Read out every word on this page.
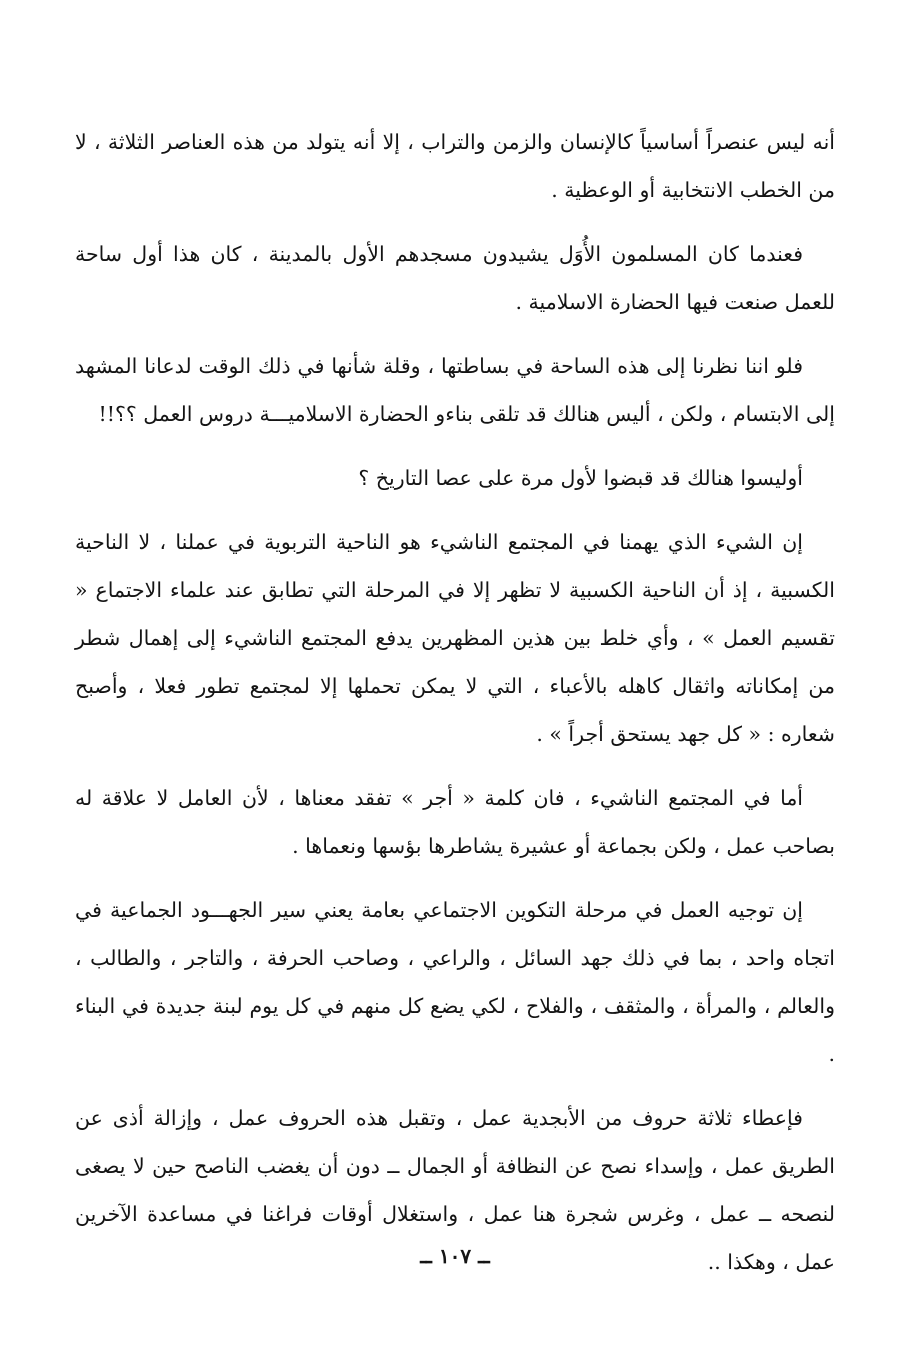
أنه ليس عنصراً أساسياً كالإنسان والزمن والتراب ، إلا أنه يتولد من هذه العناصر الثلاثة ، لا من الخطب الانتخابية أو الوعظية .

فعندما كان المسلمون الأُوَل يشيدون مسجدهم الأول بالمدينة ، كان هذا أول ساحة للعمل صنعت فيها الحضارة الاسلامية .

فلو اننا نظرنا إلى هذه الساحة في بساطتها ، وقلة شأنها في ذلك الوقت لدعانا المشهد إلى الابتسام ، ولكن ، أليس هنالك قد تلقى بناءو الحضارة الاسلاميـــة دروس العمل ؟؟!!

أوليسوا هنالك قد قبضوا لأول مرة على عصا التاريخ ؟

إن الشيء الذي يهمنا في المجتمع الناشيء هو الناحية التربوية في عملنا ، لا الناحية الكسبية ، إذ أن الناحية الكسبية لا تظهر إلا في المرحلة التي تطابق عند علماء الاجتماع « تقسيم العمل » ، وأي خلط بين هذين المظهرين يدفع المجتمع الناشيء إلى إهمال شطر من إمكاناته واثقال كاهله بالأعباء ، التي لا يمكن تحملها إلا لمجتمع تطور فعلا ، وأصبح شعاره : « كل جهد يستحق أجراً » .

أما في المجتمع الناشيء ، فان كلمة « أجر » تفقد معناها ، لأن العامل لا علاقة له بصاحب عمل ، ولكن بجماعة أو عشيرة يشاطرها بؤسها ونعماها .

إن توجيه العمل في مرحلة التكوين الاجتماعي بعامة يعني سير الجهـــود الجماعية في اتجاه واحد ، بما في ذلك جهد السائل ، والراعي ، وصاحب الحرفة ، والتاجر ، والطالب ، والعالم ، والمرأة ، والمثقف ، والفلاح ، لكي يضع كل منهم في كل يوم لبنة جديدة في البناء .

فإعطاء ثلاثة حروف من الأبجدية عمل ، وتقبل هذه الحروف عمل ، وإزالة أذى عن الطريق عمل ، وإسداء نصح عن النظافة أو الجمال ــ دون أن يغضب الناصح حين لا يصغى لنصحه ــ عمل ، وغرس شجرة هنا عمل ، واستغلال أوقات فراغنا في مساعدة الآخرين عمل ، وهكذا ..

ــ ١٠٧ ــ
